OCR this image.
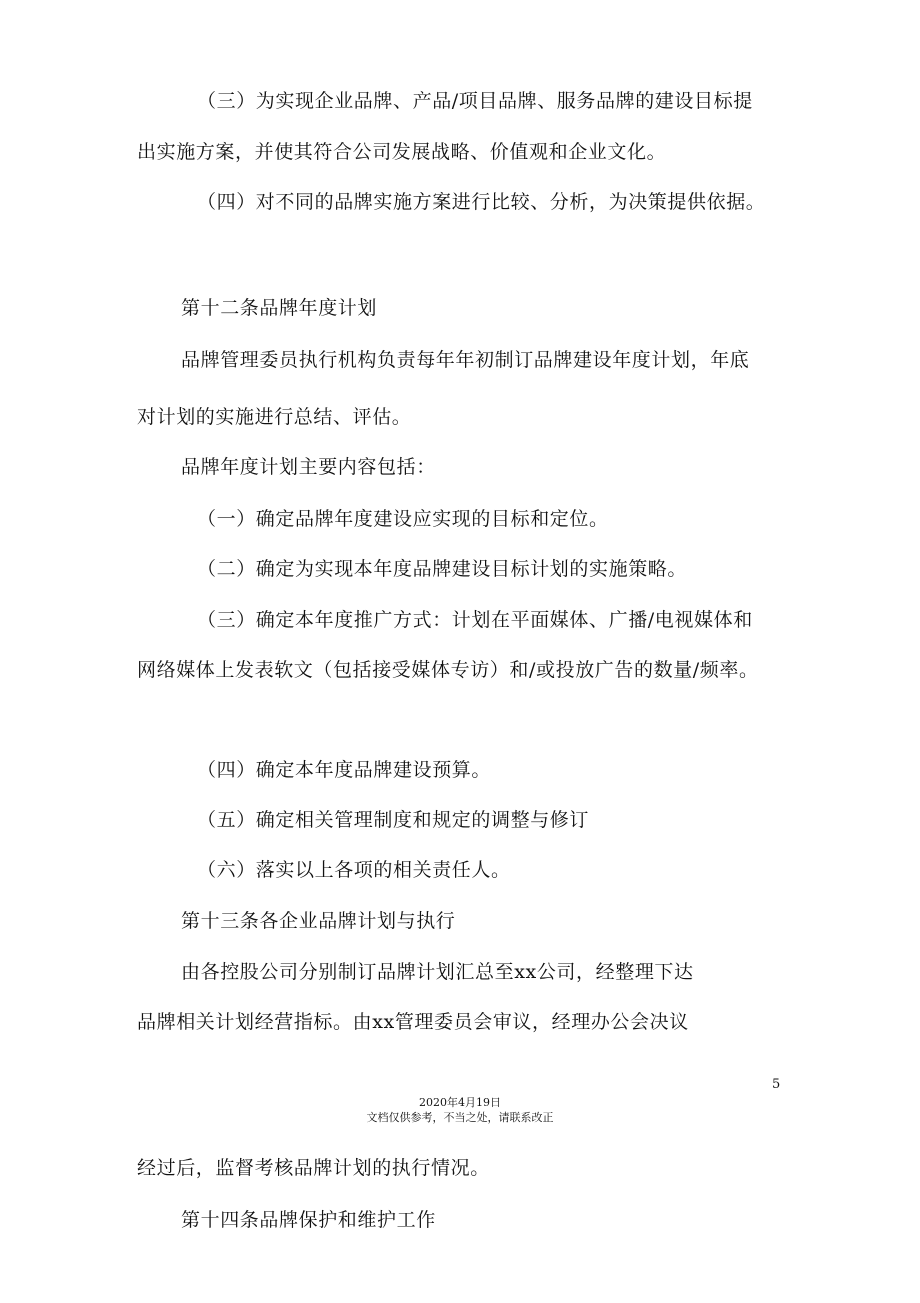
（三）为实现企业品牌、产品/项目品牌、服务品牌的建设目标提
出实施方案，并使其符合公司发展战略、价值观和企业文化。
（四）对不同的品牌实施方案进行比较、分析，为决策提供依据。
第十二条品牌年度计划
品牌管理委员执行机构负责每年年初制订品牌建设年度计划，年底
对计划的实施进行总结、评估。
品牌年度计划主要内容包括：
（一）确定品牌年度建设应实现的目标和定位。
（二）确定为实现本年度品牌建设目标计划的实施策略。
（三）确定本年度推广方式：计划在平面媒体、广播/电视媒体和
网络媒体上发表软文（包括接受媒体专访）和/或投放广告的数量/频率。
（四）确定本年度品牌建设预算。
（五）确定相关管理制度和规定的调整与修订
（六）落实以上各项的相关责任人。
第十三条各企业品牌计划与执行
由各控股公司分别制订品牌计划汇总至xx公司，经整理下达
品牌相关计划经营指标。由xx管理委员会审议，经理办公会决议
5
2020年4月19日
文档仅供参考，不当之处，请联系改正
经过后，监督考核品牌计划的执行情况。
第十四条品牌保护和维护工作
